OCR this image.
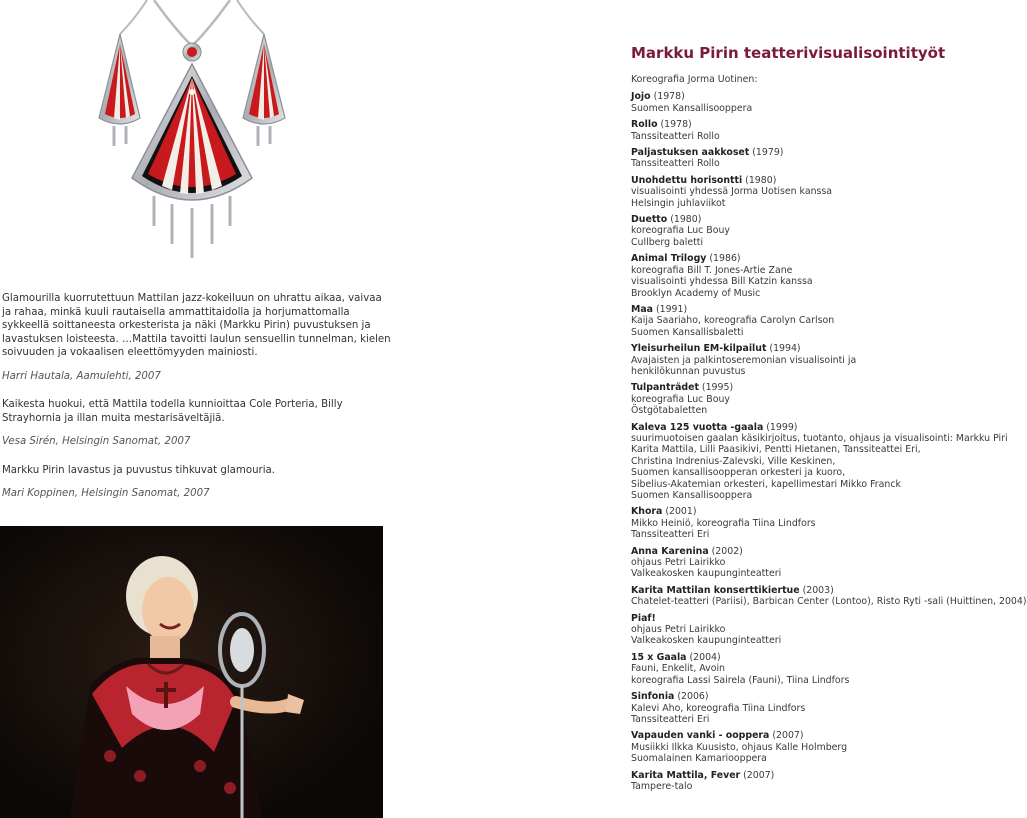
Glamourilla kuorrutettuun Mattilan jazz-kokeiluun on uhrattu aikaa, vaivaa ja rahaa, minkä kuuli rautaisella ammattitaidolla ja horjumattomalla sykkeellä soittaneesta orkesterista ja näki (Markku Pirin) puvustuksen ja lavastuksen loisteesta. …Mattila tavoitti laulun sensuellin tunnelman, kielen soivuuden ja vokaalisen eleettömyyden mainiosti.

Harri Hautala, Aamulehti, 2007

Kaikesta huokui, että Mattila todella kunnioittaa Cole Porteria, Billy Strayhornia ja illan muita mestarisäveltäjiä.

Vesa Sirén, Helsingin Sanomat, 2007

Markku Pirin lavastus ja puvustus tihkuvat glamouria.

Mari Koppinen, Helsingin Sanomat, 2007

Markku Pirin teatterivisualisointityöt
Koreografia Jorma Uotinen:
Jojo (1978)
Suomen Kansallisooppera
Rollo (1978)
Tanssiteatteri Rollo
Paljastuksen aakkoset (1979)
Tanssiteatteri Rollo
Unohdettu horisontti (1980)
visualisointi yhdessä Jorma Uotisen kanssa
Helsingin juhlaviikot
Duetto (1980)
koreografia Luc Bouy
Cullberg baletti
Animal Trilogy (1986)
koreografia Bill T. Jones-Artie Zane
visualisointi yhdessa Bill Katzin kanssa
Brooklyn Academy of Music
Maa (1991)
Kaija Saariaho, koreografia Carolyn Carlson
Suomen Kansallisbaletti
Yleisurheilun EM-kilpailut (1994)
Avajaisten ja palkintoseremonian visualisointi ja
henkilökunnan puvustus
Tulpanträdet (1995)
koreografia Luc Bouy
Östgötabaletten
Kaleva 125 vuotta -gaala (1999)
suurimuotoisen gaalan käsikirjoitus, tuotanto, ohjaus ja visualisointi: Markku Piri
Karita Mattila, Lilli Paasikivi, Pentti Hietanen, Tanssiteattei Eri,
Christina Indrenius-Zalevski, Ville Keskinen,
Suomen kansallisoopperan orkesteri ja kuoro,
Sibelius-Akatemian orkesteri, kapellimestari Mikko Franck
Suomen Kansallisooppera
Khora (2001)
Mikko Heiniö, koreografia Tiina Lindfors
Tanssiteatteri Eri
Anna Karenina (2002)
ohjaus Petri Lairikko
Valkeakosken kaupunginteatteri
Karita Mattilan konserttikiertue (2003)
Chatelet-teatteri (Pariisi), Barbican Center (Lontoo), Risto Ryti -sali (Huittinen, 2004)
Piaf!
ohjaus Petri Lairikko
Valkeakosken kaupunginteatteri
15 x Gaala (2004)
Fauni, Enkelit, Avoin
koreografia Lassi Sairela (Fauni), Tiina Lindfors
Sinfonia (2006)
Kalevi Aho, koreografia Tiina Lindfors
Tanssiteatteri Eri
Vapauden vanki - ooppera (2007)
Musiikki Ilkka Kuusisto, ohjaus Kalle Holmberg
Suomalainen Kamariooppera
Karita Mattila, Fever (2007)
Tampere-talo
